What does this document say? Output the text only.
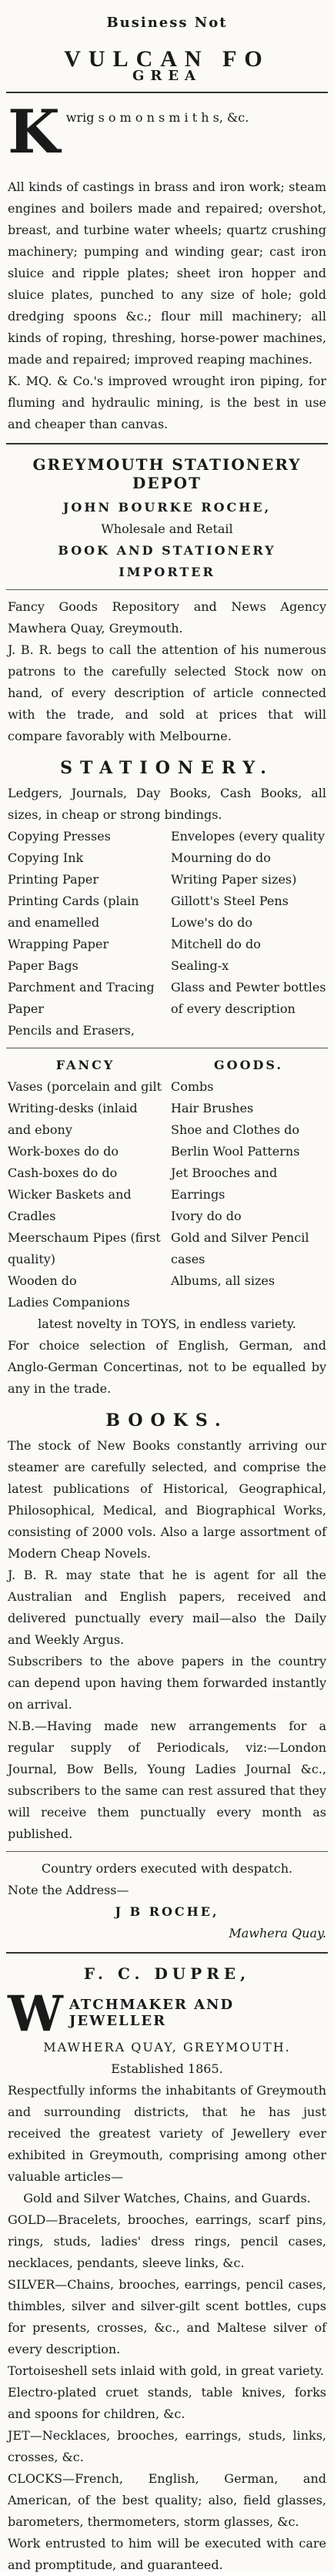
Business Not
VULCAN FO
GREA
K wrig s o m o n s m i t h s, &c.

All kinds of castings in brass and iron work; steam engines and boilers made and repaired; overshot, breast, and turbine water wheels; quartz crushing machinery; pumping and winding gear; cast iron sluice and ripple plates; sheet iron hopper and sluice plates, punched to any size of hole; gold dredging spoons &c.; flour mill machinery; all kinds of roping, threshing, horse-power machines, made and repaired; improved reaping machines.

K. MQ. & Co.'s improved wrought iron piping, for fluming and hydraulic mining, is the best in use and cheaper than canvas.

GREYMOUTH STATIONERY DEPOT
JOHN BOURKE ROCHE,
Wholesale and Retail
BOOK AND STATIONERY IMPORTER

Fancy Goods Repository and News Agency Mawhera Quay, Greymouth.

J. B. R. begs to call the attention of his numerous patrons to the carefully selected Stock now on hand, of every description of article connected with the trade, and sold at prices that will compare favorably with Melbourne.

STATIONERY.

Ledgers, Journals, Day Books, Cash Books, all sizes, in cheap or strong bindings.

Copying Presses
Copying Ink
Printing Paper
Printing Cards (plain and enamelled
Wrapping Paper
Paper Bags
Parchment and Tracing Paper
Pencils and Erasers,
Envelopes (every quality
Mourning do do
Writing Paper sizes)
Gillott's Steel Pens
Lowe's do do
Mitchell do do
Sealing-x
Glass and Pewter bottles of every description
FANCY	GOODS.
Vases (porcelain and gilt
Writing-desks (inlaid and ebony
Work-boxes do do
Cash-boxes do do
Wicker Baskets and Cradles
Meerschaum Pipes (first quality)
Wooden do
Ladies Companions
Combs
Hair Brushes
Shoe and Clothes do
Berlin Wool Patterns
Jet Brooches and Earrings
Ivory do do
Gold and Silver Pencil cases
Albums, all sizes

latest novelty in TOYS, in endless variety.

For choice selection of English, German, and Anglo-German Concertinas, not to be equalled by any in the trade.

BOOKS.

The stock of New Books constantly arriving our steamer are carefully selected, and comprise the latest publications of Historical, Geographical, Philosophical, Medical, and Biographical Works, consisting of 2000 vols. Also a large assortment of Modern Cheap Novels.

J. B. R. may state that he is agent for all the Australian and English papers, received and delivered punctually every mail—also the Daily and Weekly Argus.

Subscribers to the above papers in the country can depend upon having them forwarded instantly on arrival.

N.B.—Having made new arrangements for a regular supply of Periodicals, viz:—London Journal, Bow Bells, Young Ladies Journal &c., subscribers to the same can rest assured that they will receive them punctually every month as published.

Country orders executed with despatch.

Note the Address—

J B ROCHE,

Mawhera Quay.

F. C. DUPRE,
W ATCHMAKER AND JEWELLER

MAWHERA QUAY, GREYMOUTH.

Established 1865.

Respectfully informs the inhabitants of Greymouth and surrounding districts, that he has just received the greatest variety of Jewellery ever exhibited in Greymouth, comprising among other valuable articles—

Gold and Silver Watches, Chains, and Guards.

GOLD—Bracelets, brooches, earrings, scarf pins, rings, studs, ladies' dress rings, pencil cases, necklaces, pendants, sleeve links, &c.

SILVER—Chains, brooches, earrings, pencil cases, thimbles, silver and silver-gilt scent bottles, cups for presents, crosses, &c., and Maltese silver of every description.

Tortoiseshell sets inlaid with gold, in great variety.

Electro-plated cruet stands, table knives, forks and spoons for children, &c.

JET—Necklaces, brooches, earrings, studs, links, crosses, &c.

CLOCKS—French, English, German, and American, of the best quality; also, field glasses, barometers, thermometers, storm glasses, &c.

Work entrusted to him will be executed with care and promptitude, and guaranteed.
